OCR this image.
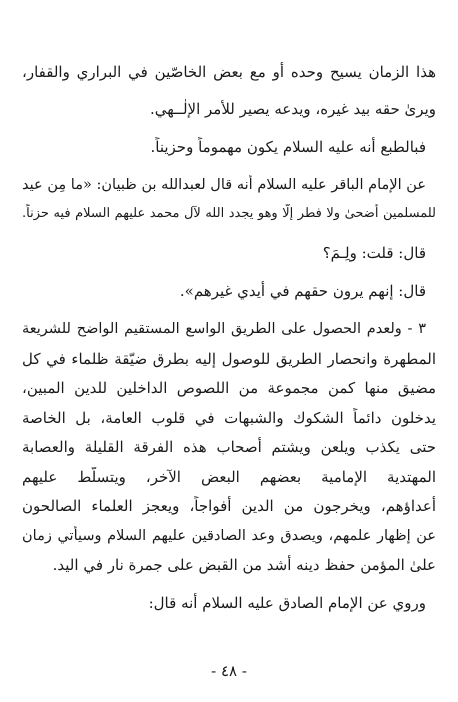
هذا الزمان يسيح وحده أو مع بعض الخاصّين في البراري والقفار،
ويرىٰ حقه بيد غيره، ويدعه يصير للأمر الإلٰــهي.
فبالطبع أنه عليه السلام يكون مهموماً وحزيناً.
عن الإمام الباقر عليه السلام أنه قال لعبدالله بن ظبيان: «ما مِن عيد
للمسلمين أضحىٰ ولا فطر إلّا وهو يجدد الله لآل محمد عليهم السلام فيه حزناً.
قال: قلت: ولِـمَ؟
قال: إنهم يرون حقهم في أيدي غيرهم».
٣ - ولعدم الحصول على الطريق الواسع المستقيم الواضح للشريعة
المطهرة وانحصار الطريق للوصول إليه بطرق ضيّقة ظلماء في كل
مضيق منها كمن مجموعة من اللصوص الداخلين للدين المبين،
يدخلون دائماً الشكوك والشبهات في قلوب العامة، بل الخاصة
حتى يكذب ويلعن ويشتم أصحاب هذه الفرقة القليلة والعصابة
المهتدية الإمامية بعضهم البعض الآخر، ويتسلّط عليهم
أعداؤهم، ويخرجون من الدين أفواجاً، ويعجز العلماء الصالحون
عن إظهار علمهم، ويصدق وعد الصادقين عليهم السلام وسيأتي زمان
علىٰ المؤمن حفظ دينه أشد من القبض على جمرة نار في اليد.
وروي عن الإمام الصادق عليه السلام أنه قال:
- ٤٨ -
